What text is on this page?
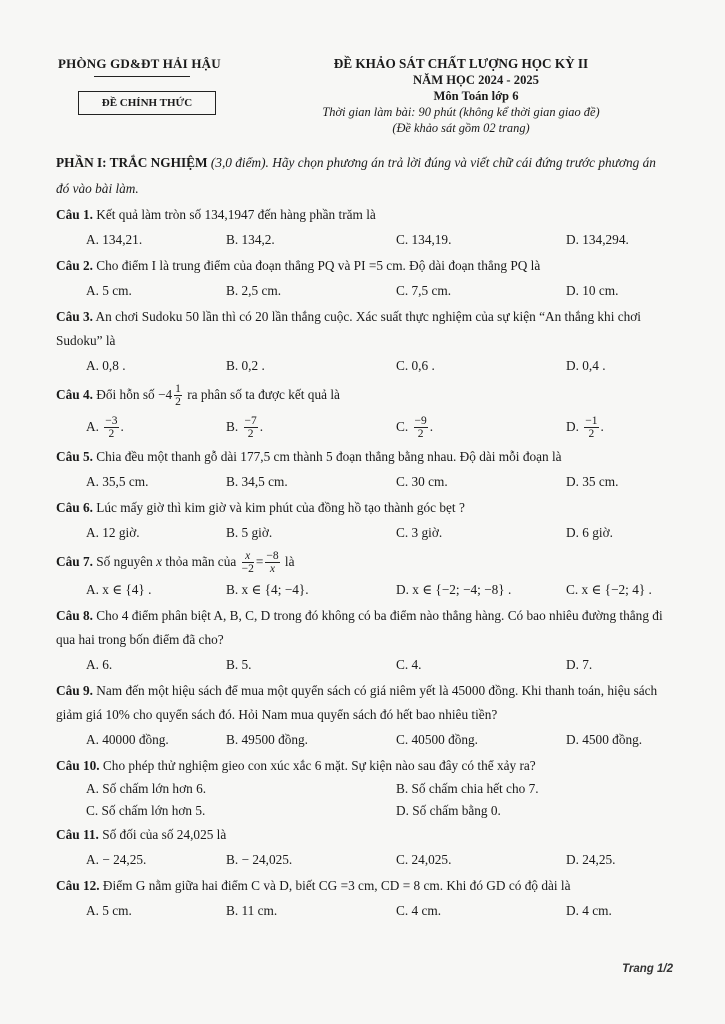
PHÒNG GD&ĐT HẢI HẬU
ĐỀ CHÍNH THỨC
ĐỀ KHẢO SÁT CHẤT LƯỢNG HỌC KỲ II
NĂM HỌC 2024 - 2025
Môn Toán lớp 6
Thời gian làm bài: 90 phút (không kể thời gian giao đề)
(Đề khảo sát gồm 02 trang)
PHẦN I: TRẮC NGHIỆM (3,0 điểm). Hãy chọn phương án trả lời đúng và viết chữ cái đứng trước phương án đó vào bài làm.
Câu 1. Kết quả làm tròn số 134,1947 đến hàng phần trăm là
A. 134,21.	B. 134,2.	C. 134,19.	D. 134,294.
Câu 2. Cho điểm I là trung điểm của đoạn thẳng PQ và PI =5 cm. Độ dài đoạn thẳng PQ là
A. 5 cm.	B. 2,5 cm.	C. 7,5 cm.	D. 10 cm.
Câu 3. An chơi Sudoku 50 lần thì có 20 lần thắng cuộc. Xác suất thực nghiệm của sự kiện “An thắng khi chơi Sudoku” là
A. 0,8 .	B. 0,2 .	C. 0,6 .	D. 0,4 .
Câu 4. Đổi hỗn số $-4 \frac{1}{2}$ ra phân số ta được kết quả là
A. $\frac{-3}{2}$ .	B. $\frac{-7}{2}$ .	C. $\frac{-9}{2}$ .	D. $\frac{-1}{2}$ .
Câu 5. Chia đều một thanh gỗ dài 177,5 cm thành 5 đoạn thẳng bằng nhau. Độ dài mỗi đoạn là
A. 35,5 cm.	B. 34,5 cm.	C. 30 cm.	D. 35 cm.
Câu 6. Lúc mấy giờ thì kim giờ và kim phút của đồng hồ tạo thành góc bẹt ?
A. 12 giờ.	B. 5 giờ.	C. 3 giờ.	D. 6 giờ.
Câu 7. Số nguyên x thỏa mãn của $\frac{x}{-2} = \frac{-8}{x}$ là
A. x ∈ {4} .	B. x ∈ {4; −4}.	D. x ∈ {−2; −4; −8} .	C. x ∈ {−2; 4} .
Câu 8. Cho 4 điểm phân biệt A, B, C, D trong đó không có ba điểm nào thẳng hàng. Có bao nhiêu đường thẳng đi qua hai trong bốn điểm đã cho?
A. 6.	B. 5.	C. 4.	D. 7.
Câu 9. Nam đến một hiệu sách để mua một quyển sách có giá niêm yết là 45000 đồng. Khi thanh toán, hiệu sách giảm giá 10% cho quyển sách đó. Hỏi Nam mua quyển sách đó hết bao nhiêu tiền?
A. 40000 đồng.	B. 49500 đồng.	C. 40500 đồng.	D. 4500 đồng.
Câu 10. Cho phép thử nghiệm gieo con xúc xắc 6 mặt. Sự kiện nào sau đây có thể xảy ra?
A. Số chấm lớn hơn 6.	B. Số chấm chia hết cho 7.
C. Số chấm lớn hơn 5.	D. Số chấm bằng 0.
Câu 11. Số đối của số 24,025 là
A. − 24,25.	B. − 24,025.	C. 24,025.	D. 24,25.
Câu 12. Điểm G nằm giữa hai điểm C và D, biết CG =3 cm, CD = 8 cm. Khi đó GD có độ dài là
A. 5 cm.	B. 11 cm.	C. 4 cm.	D. 4 cm.
Trang 1/2
